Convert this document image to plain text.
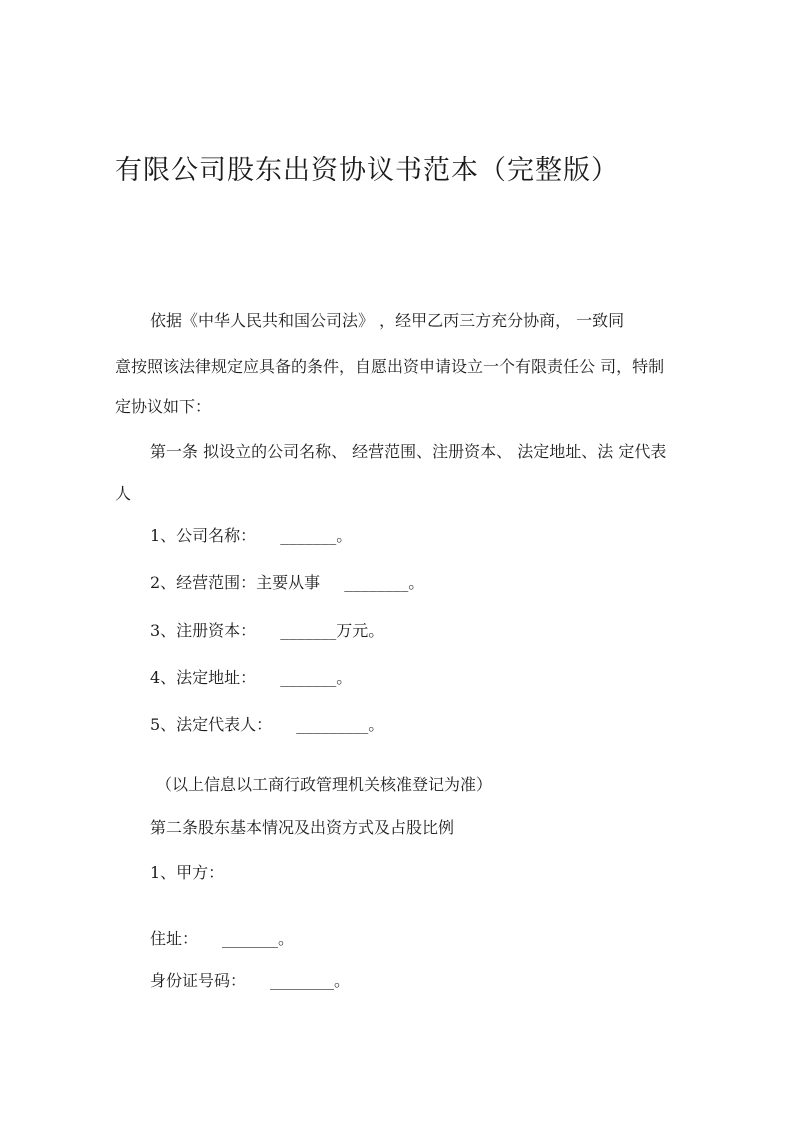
有限公司股东出资协议书范本（完整版）
依据《中华人民共和国公司法》 ，经甲乙丙三方充分协商， 一致同
意按照该法律规定应具备的条件，自愿出资申请设立一个有限责任公 司，特制
定协议如下：
第一条 拟设立的公司名称、 经营范围、注册资本、 法定地址、法 定代表
人
1、公司名称： _______。
2、经营范围：主要从事 ________。
3、注册资本： _______万元。
4、法定地址： _______。
5、法定代表人： _________。
（以上信息以工商行政管理机关核准登记为准）
第二条股东基本情况及出资方式及占股比例
1、甲方：
住址： _______。
身份证号码： ________。
